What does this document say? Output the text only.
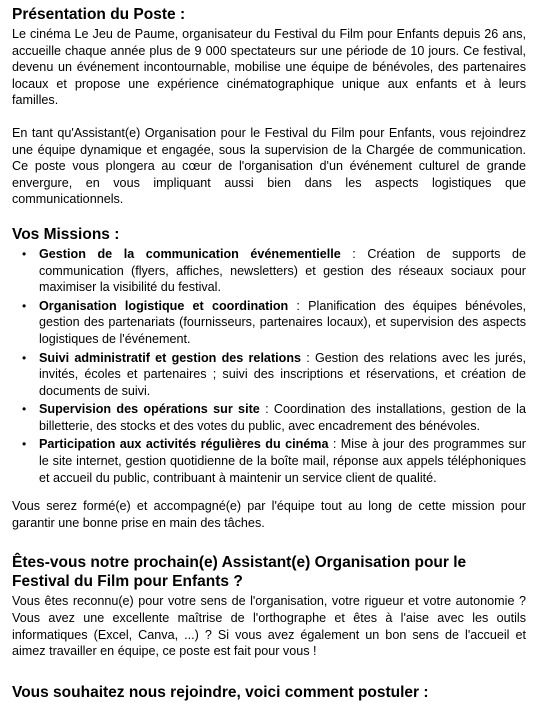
Présentation du Poste :

Le cinéma Le Jeu de Paume, organisateur du Festival du Film pour Enfants depuis 26 ans, accueille chaque année plus de 9 000 spectateurs sur une période de 10 jours. Ce festival, devenu un événement incontournable, mobilise une équipe de bénévoles, des partenaires locaux et propose une expérience cinématographique unique aux enfants et à leurs familles.

En tant qu'Assistant(e) Organisation pour le Festival du Film pour Enfants, vous rejoindrez une équipe dynamique et engagée, sous la supervision de la Chargée de communication. Ce poste vous plongera au cœur de l'organisation d'un événement culturel de grande envergure, en vous impliquant aussi bien dans les aspects logistiques que communicationnels.

Vos Missions :
• Gestion de la communication événementielle : Création de supports de communication (flyers, affiches, newsletters) et gestion des réseaux sociaux pour maximiser la visibilité du festival.
• Organisation logistique et coordination : Planification des équipes bénévoles, gestion des partenariats (fournisseurs, partenaires locaux), et supervision des aspects logistiques de l'événement.
• Suivi administratif et gestion des relations : Gestion des relations avec les jurés, invités, écoles et partenaires ; suivi des inscriptions et réservations, et création de documents de suivi.
• Supervision des opérations sur site : Coordination des installations, gestion de la billetterie, des stocks et des votes du public, avec encadrement des bénévoles.
• Participation aux activités régulières du cinéma : Mise à jour des programmes sur le site internet, gestion quotidienne de la boîte mail, réponse aux appels téléphoniques et accueil du public, contribuant à maintenir un service client de qualité.

Vous serez formé(e) et accompagné(e) par l'équipe tout au long de cette mission pour garantir une bonne prise en main des tâches.

Êtes-vous notre prochain(e) Assistant(e) Organisation pour le Festival du Film pour Enfants ?

Vous êtes reconnu(e) pour votre sens de l'organisation, votre rigueur et votre autonomie ? Vous avez une excellente maîtrise de l'orthographe et êtes à l'aise avec les outils informatiques (Excel, Canva, ...) ? Si vous avez également un bon sens de l'accueil et aimez travailler en équipe, ce poste est fait pour vous !

Vous souhaitez nous rejoindre, voici comment postuler :
